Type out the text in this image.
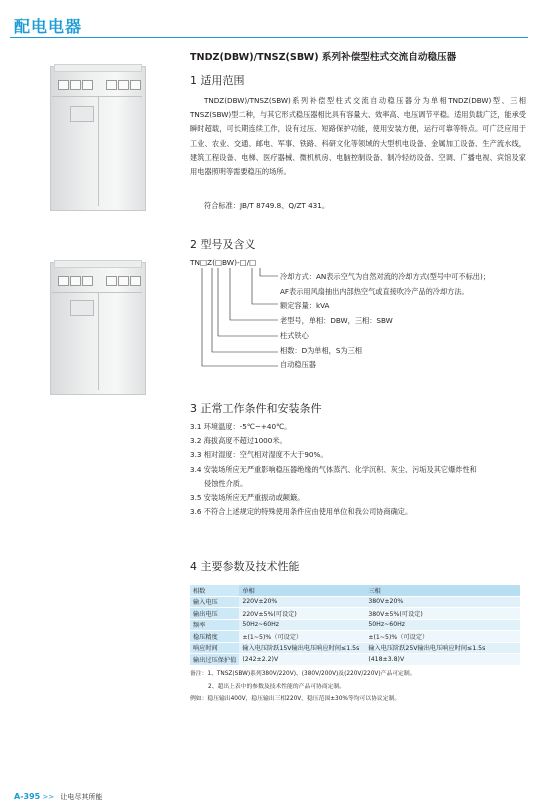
配电电器
TNDZ(DBW)/TNSZ(SBW) 系列补偿型柱式交流自动稳压器
1 适用范围
TNDZ(DBW)/TNSZ(SBW)系列补偿型柱式交流自动稳压器分为单相TNDZ(DBW)型、三相TNSZ(SBW)型二种，与其它形式稳压器相比具有容量大、效率高、电压调节平稳。适用负载广泛，能承受瞬时超载，可长期连续工作，设有过压、短路保护功能，使用安装方便，运行可靠等特点。可广泛应用于工业、农业、交通、邮电、军事、铁路、科研文化等领域的大型机电设备、金属加工设备、生产流水线，建筑工程设备、电梯、医疗器械、微机机房、电脑控制设备、制冷轻纺设备、空调、广播电视、宾馆及家用电器照明等需要稳压的场所。
符合标准：JB/T 8749.8、Q/ZT 431。
2 型号及含义
TN□Z(□BW)-□/□
冷却方式：AN表示空气为自然对流的冷却方式(型号中可不标出)；
AF表示用风扇抽出内部热空气或直接吹冷产品的冷却方法。
额定容量：kVA
老型号，单相：DBW，三相：SBW
柱式铁心
相数：D为单相，S为三相
自动稳压器
3 正常工作条件和安装条件
3.1 环境温度：-5℃~+40℃。
3.2 海拔高度不超过1000米。
3.3 相对湿度：空气相对湿度不大于90%。
3.4 安装场所应无严重影响稳压器绝缘的气体蒸汽、化学沉积、灰尘、污垢及其它爆炸性和
侵蚀性介质。
3.5 安装场所应无严重振动或颠簸。
3.6 不符合上述规定的特殊使用条件应由使用单位和我公司协商确定。
4 主要参数及技术性能
相数	单相	三相
输入电压	220V±20%	380V±20%
输出电压	220V±5%(可设定)	380V±5%(可设定)
频率	50Hz~60Hz	50Hz~60Hz
稳压精度	±(1~5)%（可设定）	±(1~5)%（可设定）
响应时间	输入电压阶跃15V输出电压响应时间≤1.5s	输入电压阶跃25V输出电压响应时间≤1.5s
输出过压保护值	(242±2.2)V	(418±3.8)V
备注：1、TNSZ(SBW)系列380V/220V)、(380V/200V)及(220V/220V)产品可定制。
2、超出上表中的参数及技术性能的产品可协商定制。
例如：稳压输出400V，稳压输出三相220V，稳压范围±30%等均可以协议定制。
A-395 >> 让电尽其所能
